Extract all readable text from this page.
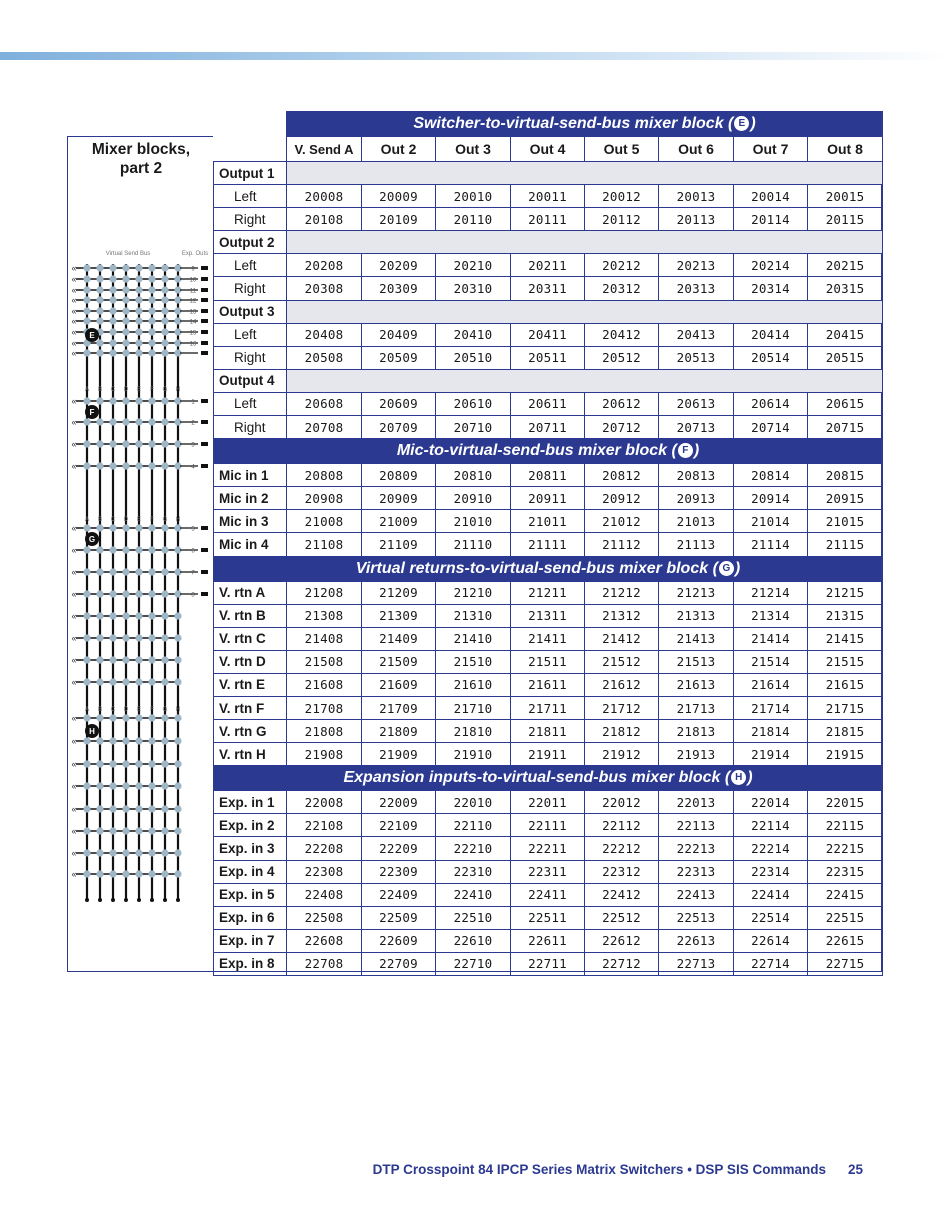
Mixer blocks,
part 2
Virtual Send Bus	Exp. Outs
«	9
«	10
«	11
«	12
«	13
«	14
«	15
«	16
«
E
A B C D E F G H
«	1
«	2
«	3
«	4
F
A B C D E F G H
«	5
«	6
«	7
«	8
G
«
«
«
«
A B C D E F G H
«
«
«
«
«
«
«
«
H
	Switcher-to-virtual-send-bus mixer block ( E )							
	V. Send A	Out 2	Out 3	Out 4	Out 5	Out 6	Out 7	Out 8
Output 1								
Left	20008	20009	20010	20011	20012	20013	20014	20015
Right	20108	20109	20110	20111	20112	20113	20114	20115
Output 2								
Left	20208	20209	20210	20211	20212	20213	20214	20215
Right	20308	20309	20310	20311	20312	20313	20314	20315
Output 3								
Left	20408	20409	20410	20411	20412	20413	20414	20415
Right	20508	20509	20510	20511	20512	20513	20514	20515
Output 4								
Left	20608	20609	20610	20611	20612	20613	20614	20615
Right	20708	20709	20710	20711	20712	20713	20714	20715
Mic-to-virtual-send-bus mixer block ( F )								
Mic in 1	20808	20809	20810	20811	20812	20813	20814	20815
Mic in 2	20908	20909	20910	20911	20912	20913	20914	20915
Mic in 3	21008	21009	21010	21011	21012	21013	21014	21015
Mic in 4	21108	21109	21110	21111	21112	21113	21114	21115
Virtual returns-to-virtual-send-bus mixer block ( G )								
V. rtn A	21208	21209	21210	21211	21212	21213	21214	21215
V. rtn B	21308	21309	21310	21311	21312	21313	21314	21315
V. rtn C	21408	21409	21410	21411	21412	21413	21414	21415
V. rtn D	21508	21509	21510	21511	21512	21513	21514	21515
V. rtn E	21608	21609	21610	21611	21612	21613	21614	21615
V. rtn F	21708	21709	21710	21711	21712	21713	21714	21715
V. rtn G	21808	21809	21810	21811	21812	21813	21814	21815
V. rtn H	21908	21909	21910	21911	21912	21913	21914	21915
Expansion inputs-to-virtual-send-bus mixer block ( H )								
Exp. in 1	22008	22009	22010	22011	22012	22013	22014	22015
Exp. in 2	22108	22109	22110	22111	22112	22113	22114	22115
Exp. in 3	22208	22209	22210	22211	22212	22213	22214	22215
Exp. in 4	22308	22309	22310	22311	22312	22313	22314	22315
Exp. in 5	22408	22409	22410	22411	22412	22413	22414	22415
Exp. in 6	22508	22509	22510	22511	22512	22513	22514	22515
Exp. in 7	22608	22609	22610	22611	22612	22613	22614	22615
Exp. in 8	22708	22709	22710	22711	22712	22713	22714	22715
DTP Crosspoint 84 IPCP Series Matrix Switchers • DSP SIS Commands 25
